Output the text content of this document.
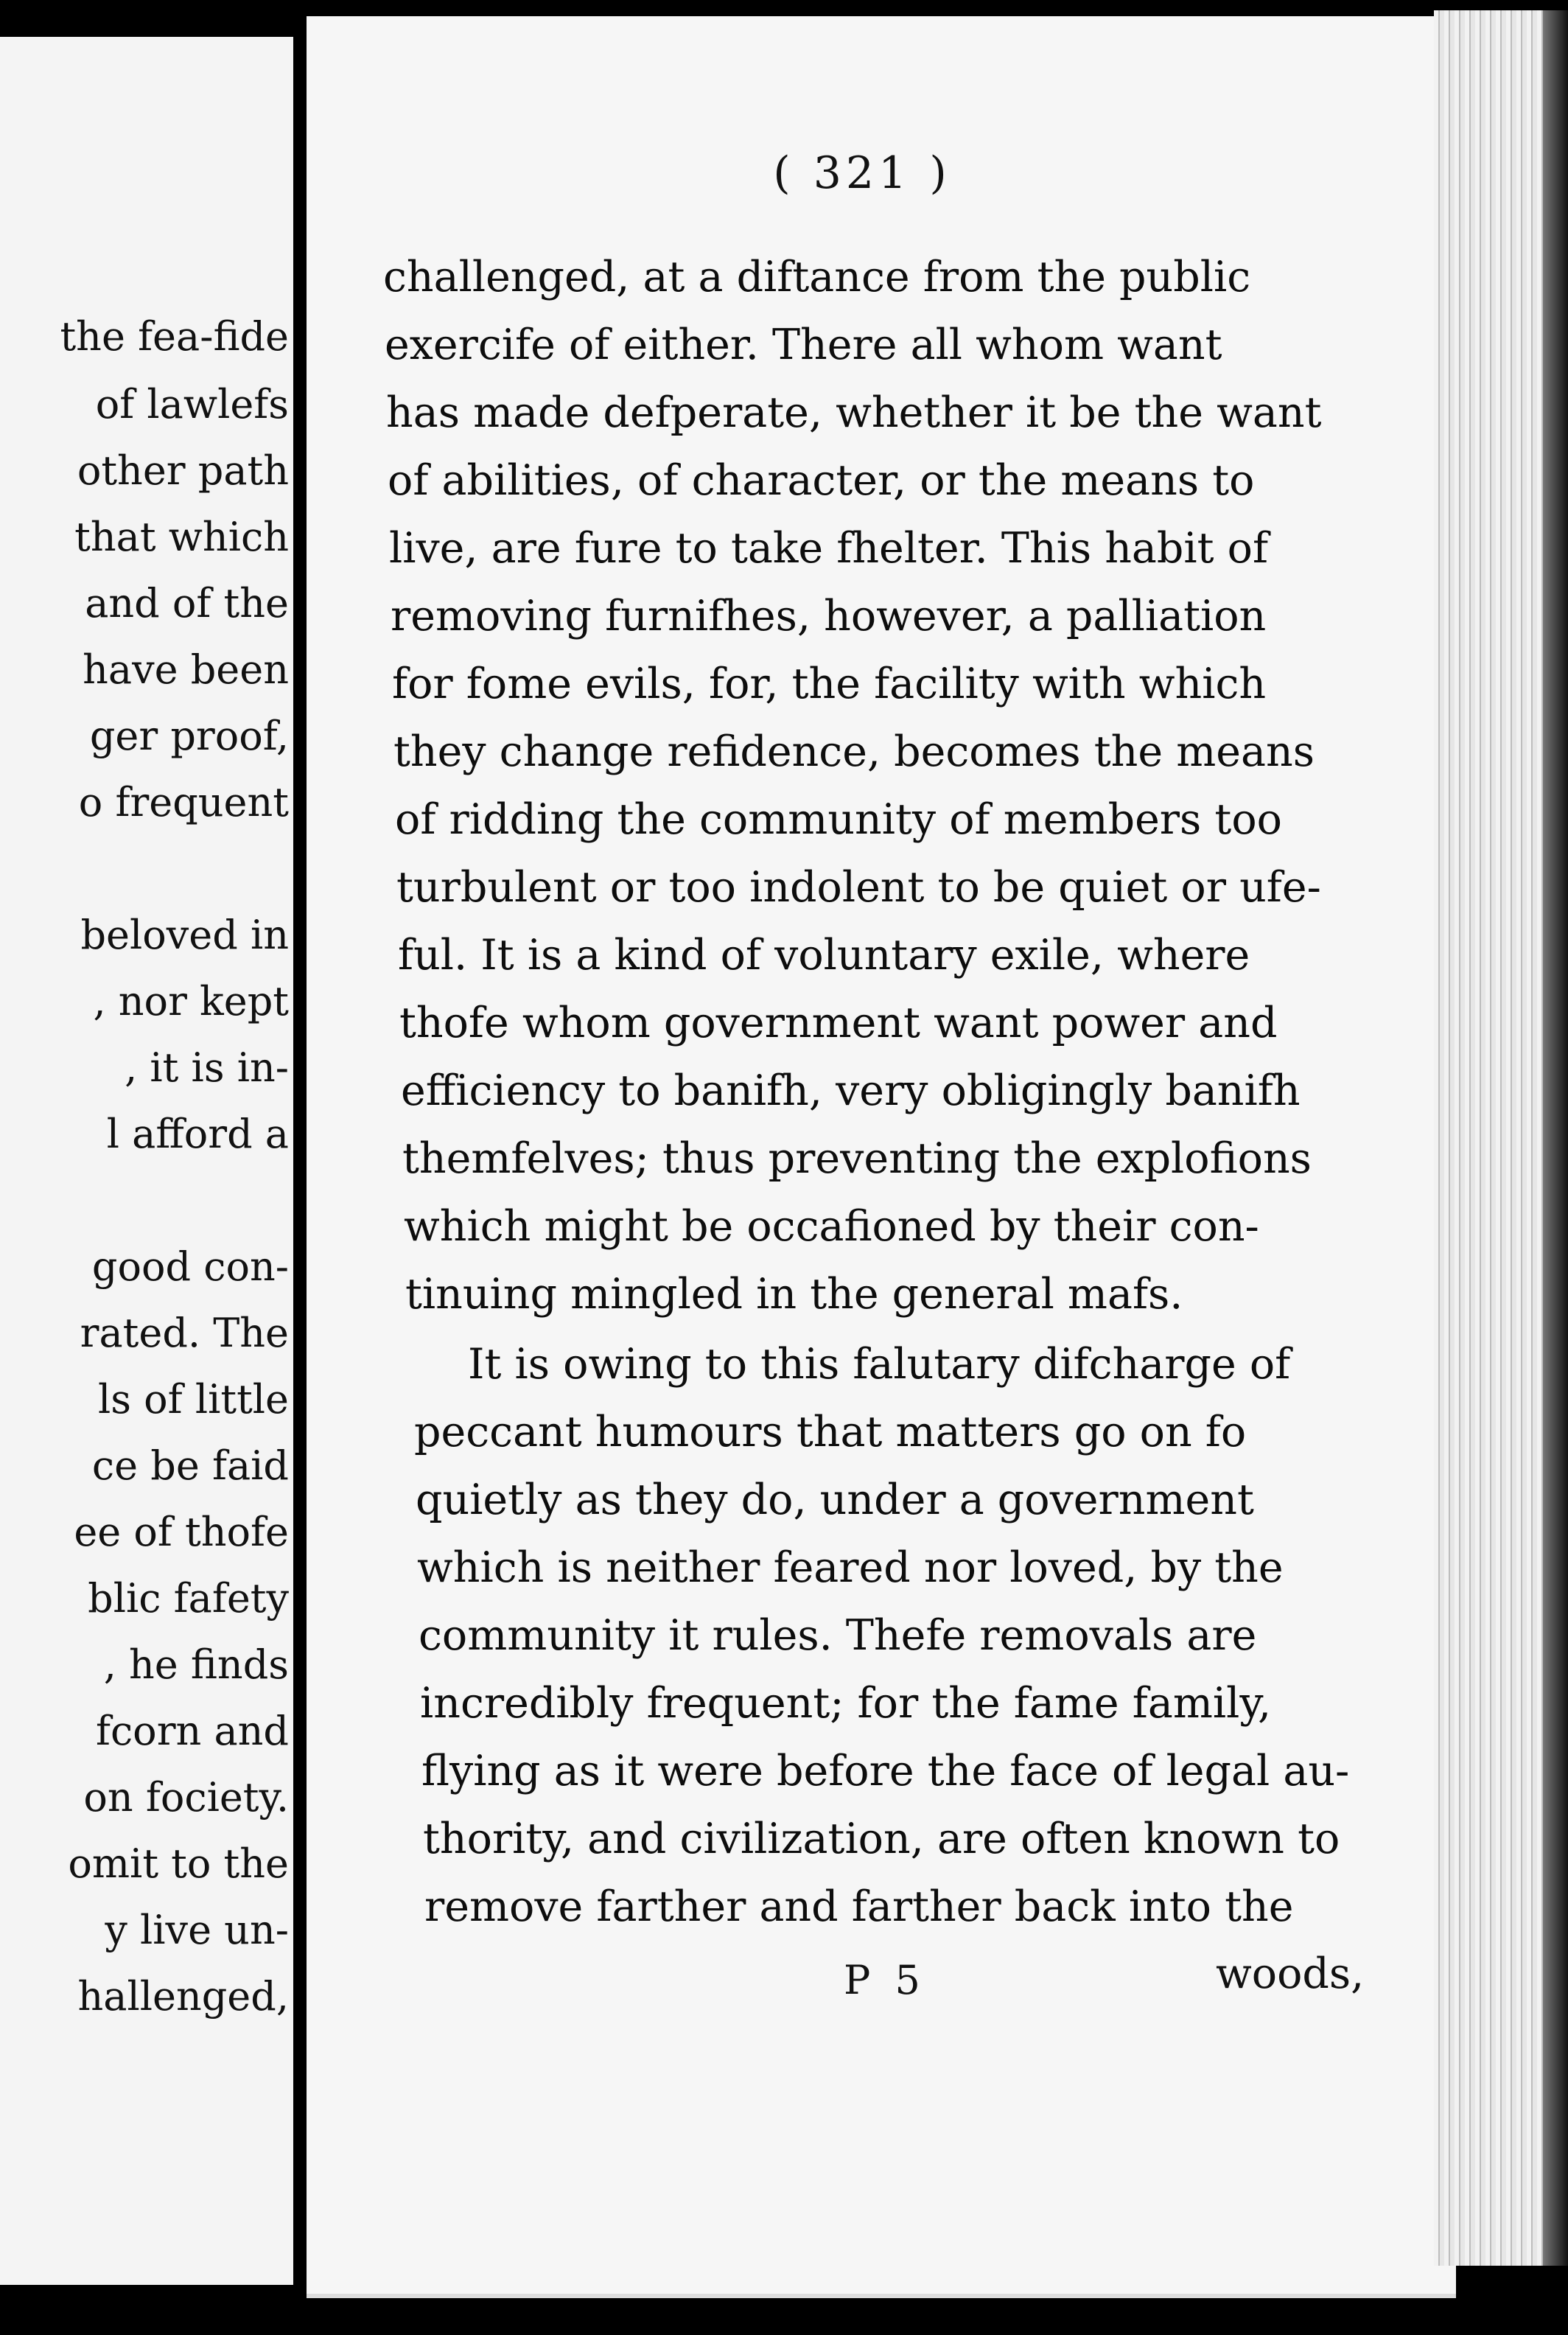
the fea-fide
of lawlefs
other path
that which
and of the
have been
ger proof,
o frequent
beloved in
, nor kept
, it is in-
l afford a
good con-
rated. The
ls of little
ce be faid
ee of thofe
blic fafety
, he finds
fcorn and
on fociety.
omit to the
y live un-
hallenged,
( 321 )
challenged, at a diftance from the public
exercife of either. There all whom want
has made defperate, whether it be the want
of abilities, of character, or the means to
live, are fure to take fhelter. This habit of
removing furnifhes, however, a palliation
for fome evils, for, the facility with which
they change refidence, becomes the means
of ridding the community of members too
turbulent or too indolent to be quiet or ufe-
ful. It is a kind of voluntary exile, where
thofe whom government want power and
efficiency to banifh, very obligingly banifh
themfelves; thus preventing the explofions
which might be occafioned by their con-
tinuing mingled in the general mafs.
It is owing to this falutary difcharge of
peccant humours that matters go on fo
quietly as they do, under a government
which is neither feared nor loved, by the
community it rules. Thefe removals are
incredibly frequent; for the fame family,
flying as it were before the face of legal au-
thority, and civilization, are often known to
remove farther and farther back into the
P 5	woods,
